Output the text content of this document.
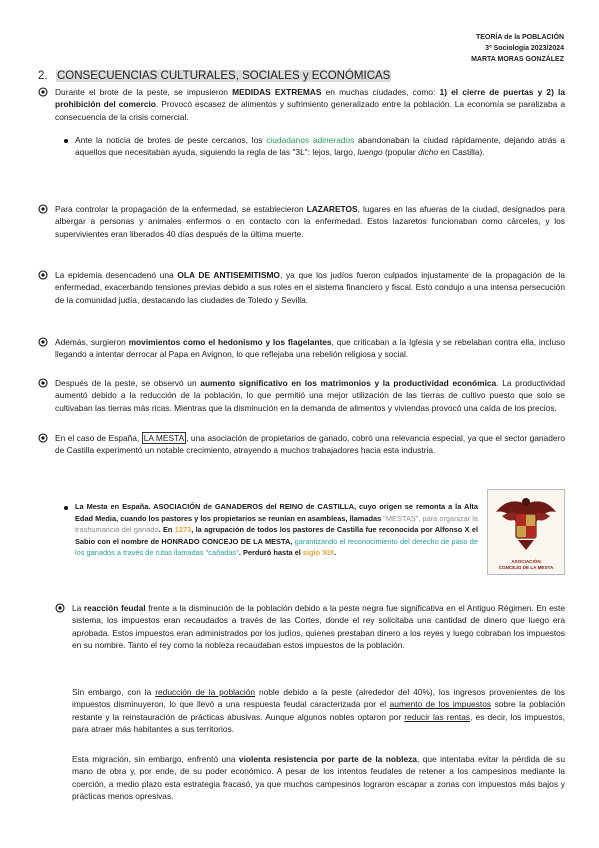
TEORÍA de la POBLACIÓN
3º Sociología 2023/2024
MARTA MORAS GONZÁLEZ
2. CONSECUENCIAS CULTURALES, SOCIALES y ECONÓMICAS
Durante el brote de la peste, se impusieron MEDIDAS EXTREMAS en muchas ciudades, como: 1) el cierre de puertas y 2) la prohibición del comercio. Provocó escasez de alimentos y sufrimiento generalizado entre la población. La economía se paralizaba a consecuencia de la crisis comercial.
Ante la noticia de brotes de peste cercanos, los ciudadanos adinerados abandonaban la ciudad rápidamente, dejando atrás a aquellos que necesitaban ayuda, siguiendo la regla de las "3L": lejos, largo, luengo (popular dicho en Castilla).
Para controlar la propagación de la enfermedad, se establecieron LAZARETOS, lugares en las afueras de la ciudad, designados para albergar a personas y animales enfermos o en contacto con la enfermedad. Estos lazaretos funcionaban como cárceles, y los supervivientes eran liberados 40 días después de la última muerte.
La epidemia desencadenó una OLA DE ANTISEMITISMO, ya que los judíos fueron culpados injustamente de la propagación de la enfermedad, exacerbando tensiones previas debido a sus roles en el sistema financiero y fiscal. Esto condujo a una intensa persecución de la comunidad judía, destacando las ciudades de Toledo y Sevilla.
Además, surgieron movimientos como el hedonismo y los flagelantes, que criticaban a la Iglesia y se rebelaban contra ella, incluso llegando a intentar derrocar al Papa en Avignon, lo que reflejaba una rebelión religiosa y social.
Después de la peste, se observó un aumento significativo en los matrimonios y la productividad económica. La productividad aumentó debido a la reducción de la población, lo que permitió una mejor utilización de las tierras de cultivo puesto que solo se cultivaban las tierras más ricas. Mientras que la disminución en la demanda de alimentos y viviendas provocó una caída de los precios.
En el caso de España, LA MESTA , una asociación de propietarios de ganado, cobró una relevancia especial, ya que el sector ganadero de Castilla experimentó un notable crecimiento, atrayendo a muchos trabajadores hacia esta industria.
La Mesta en España. ASOCIACIÓN de GANADEROS del REINO de CASTILLA, cuyo origen se remonta a la Alta Edad Media, cuando los pastores y los propietarios se reunían en asambleas, llamadas "MESTAS", para organizar la trashumancia del ganado. En 1273, la agrupación de todos los pastores de Castilla fue reconocida por Alfonso X el Sabio con el nombre de HONRADO CONCEJO DE LA MESTA, garantizando el reconocimiento del derecho de paso de los ganados a través de rutas llamadas "cañadas". Perduró hasta el siglo XIX.
ASOCIACIÓN
CONCEJO DE LA MESTA
La reacción feudal frente a la disminución de la población debido a la peste negra fue significativa en el Antiguo Régimen. En este sistema, los impuestos eran recaudados a través de las Cortes, donde el rey solicitaba una cantidad de dinero que luego era aprobada. Estos impuestos eran administrados por los judíos, quienes prestaban dinero a los reyes y luego cobraban los impuestos en su nombre. Tanto el rey como la nobleza recaudaban estos impuestos de la población.
Sin embargo, con la reducción de la población noble debido a la peste (alrededor del 40%), los ingresos provenientes de los impuestos disminuyeron, lo que llevó a una respuesta feudal caracterizada por el aumento de los impuestos sobre la población restante y la reinstauración de prácticas abusivas. Aunque algunos nobles optaron por reducir las rentas, es decir, los impuestos, para atraer más habitantes a sus territorios.
Esta migración, sin embargo, enfrentó una violenta resistencia por parte de la nobleza, que intentaba evitar la pérdida de su mano de obra y, por ende, de su poder económico. A pesar de los intentos feudales de retener a los campesinos mediante la coerción, a medio plazo esta estrategia fracasó, ya que muchos campesinos lograron escapar a zonas con impuestos más bajos y prácticas menos opresivas.
